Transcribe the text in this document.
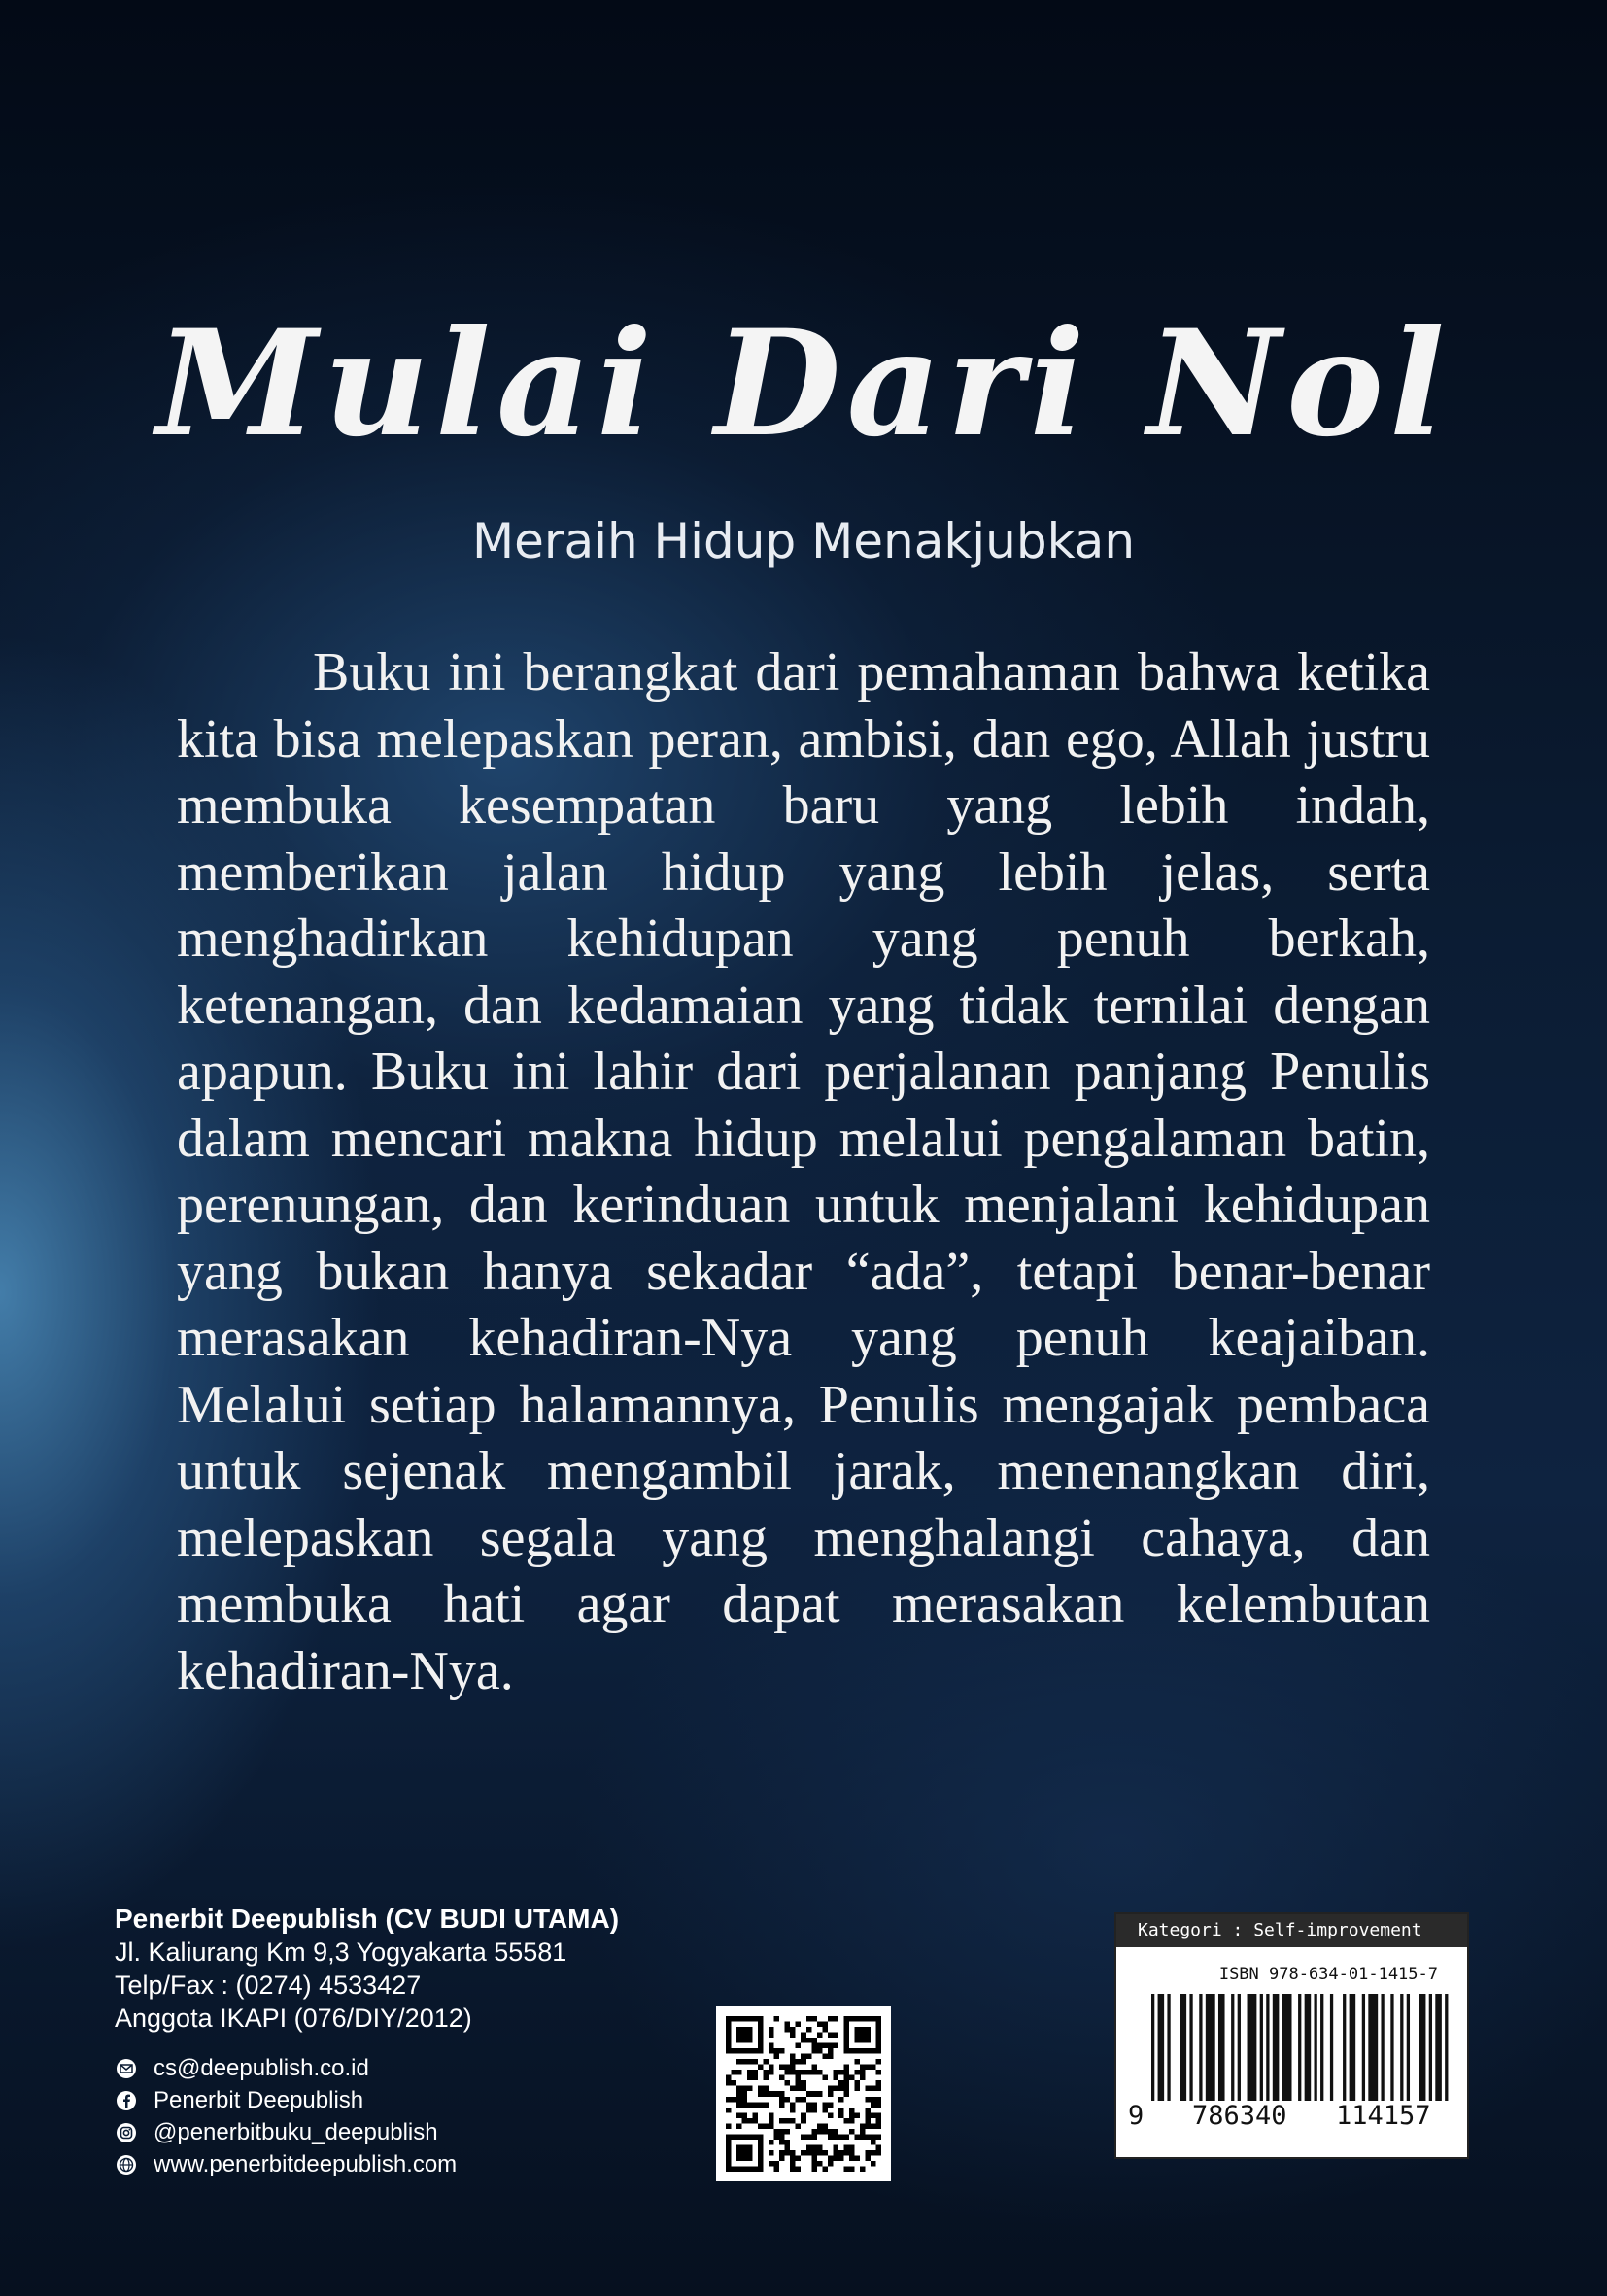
Mulai Dari Nol
Meraih Hidup Menakjubkan

Buku ini berangkat dari pemahaman bahwa ketika kita bisa melepaskan peran, ambisi, dan ego, Allah justru membuka kesempatan baru yang lebih indah, memberikan jalan hidup yang lebih jelas, serta menghadirkan kehidupan yang penuh berkah, ketenangan, dan kedamaian yang tidak ternilai dengan apapun. Buku ini lahir dari perjalanan panjang Penulis dalam mencari makna hidup melalui pengalaman batin, perenungan, dan kerinduan untuk menjalani kehidupan yang bukan hanya sekadar “ada”, tetapi benar-benar merasakan kehadiran-Nya yang penuh keajaiban. Melalui setiap halamannya, Penulis mengajak pembaca untuk sejenak mengambil jarak, menenangkan diri, melepaskan segala yang menghalangi cahaya, dan membuka hati agar dapat merasakan kelembutan kehadiran-Nya.

Penerbit Deepublish (CV BUDI UTAMA)
Jl. Kaliurang Km 9,3 Yogyakarta 55581
Telp/Fax : (0274) 4533427
Anggota IKAPI (076/DIY/2012)
cs@deepublish.co.id
Penerbit Deepublish
@penerbitbuku_deepublish
www.penerbitdeepublish.com
Kategori : Self-improvement
ISBN 978-634-01-1415-7
9 786340 114157
